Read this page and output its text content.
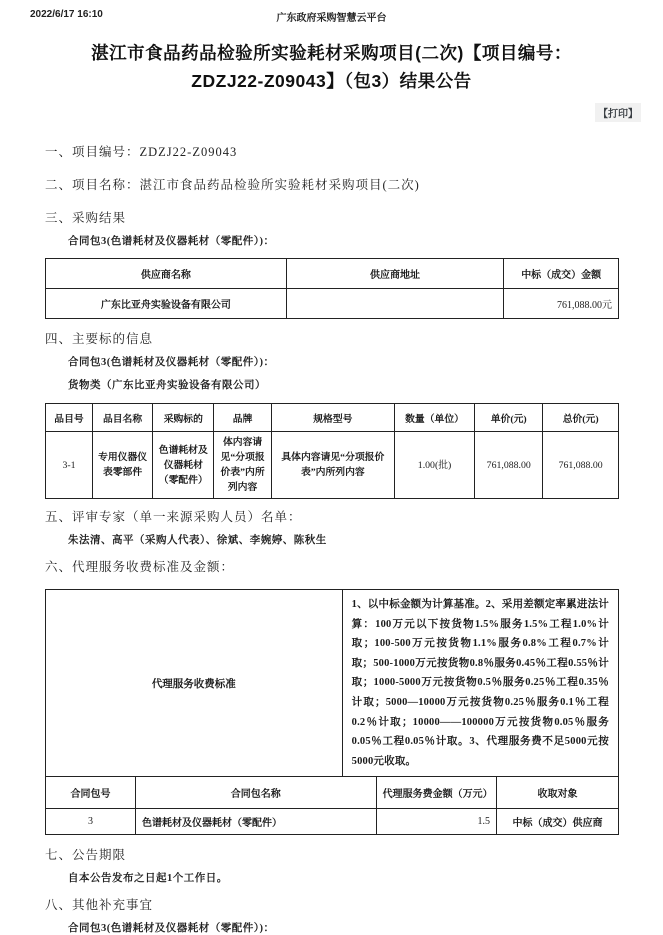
2022/6/17 16:10	广东政府采购智慧云平台
湛江市食品药品检验所实验耗材采购项目(二次)【项目编号：ZDZJ22-Z09043】（包3）结果公告
【打印】
一、项目编号：ZDZJ22-Z09043
二、项目名称：湛江市食品药品检验所实验耗材采购项目(二次)
三、采购结果
合同包3(色谱耗材及仪器耗材（零配件）)：
供应商名称	供应商地址	中标（成交）金额
广东比亚舟实验设备有限公司		761,088.00元
四、主要标的信息
合同包3(色谱耗材及仪器耗材（零配件）)：
货物类（广东比亚舟实验设备有限公司）
品目号	品目名称	采购标的	品牌	规格型号	数量（单位）	单价(元)	总价(元)
3-1	专用仪器仪表零部件	色谱耗材及仪器耗材（零配件）	体内容请见“分项报价表”内所列内容	具体内容请见“分项报价表”内所列内容	1.00(批)	761,088.00	761,088.00
五、评审专家（单一来源采购人员）名单：
朱法清、高平（采购人代表）、徐斌、李婉婷、陈秋生
六、代理服务收费标准及金额：
代理服务收费标准	1、以中标金额为计算基准。2、采用差额定率累进法计算：100万元以下按货物1.5%服务1.5%工程1.0%计取；100-500万元按货物1.1%服务0.8%工程0.7%计取；500-1000万元按货物0.8％服务0.45％工程0.55％计取；1000-5000万元按货物0.5％服务0.25％工程0.35％计取；5000—10000万元按货物0.25％服务0.1％工程0.2％计取；10000——100000万元按货物0.05％服务0.05％工程0.05％计取。3、代理服务费不足5000元按5000元收取。
合同包号	合同包名称	代理服务费金额（万元）	收取对象
3	色谱耗材及仪器耗材（零配件）	1.5	中标（成交）供应商
七、公告期限
自本公告发布之日起1个工作日。
八、其他补充事宜
合同包3(色谱耗材及仪器耗材（零配件）)：
